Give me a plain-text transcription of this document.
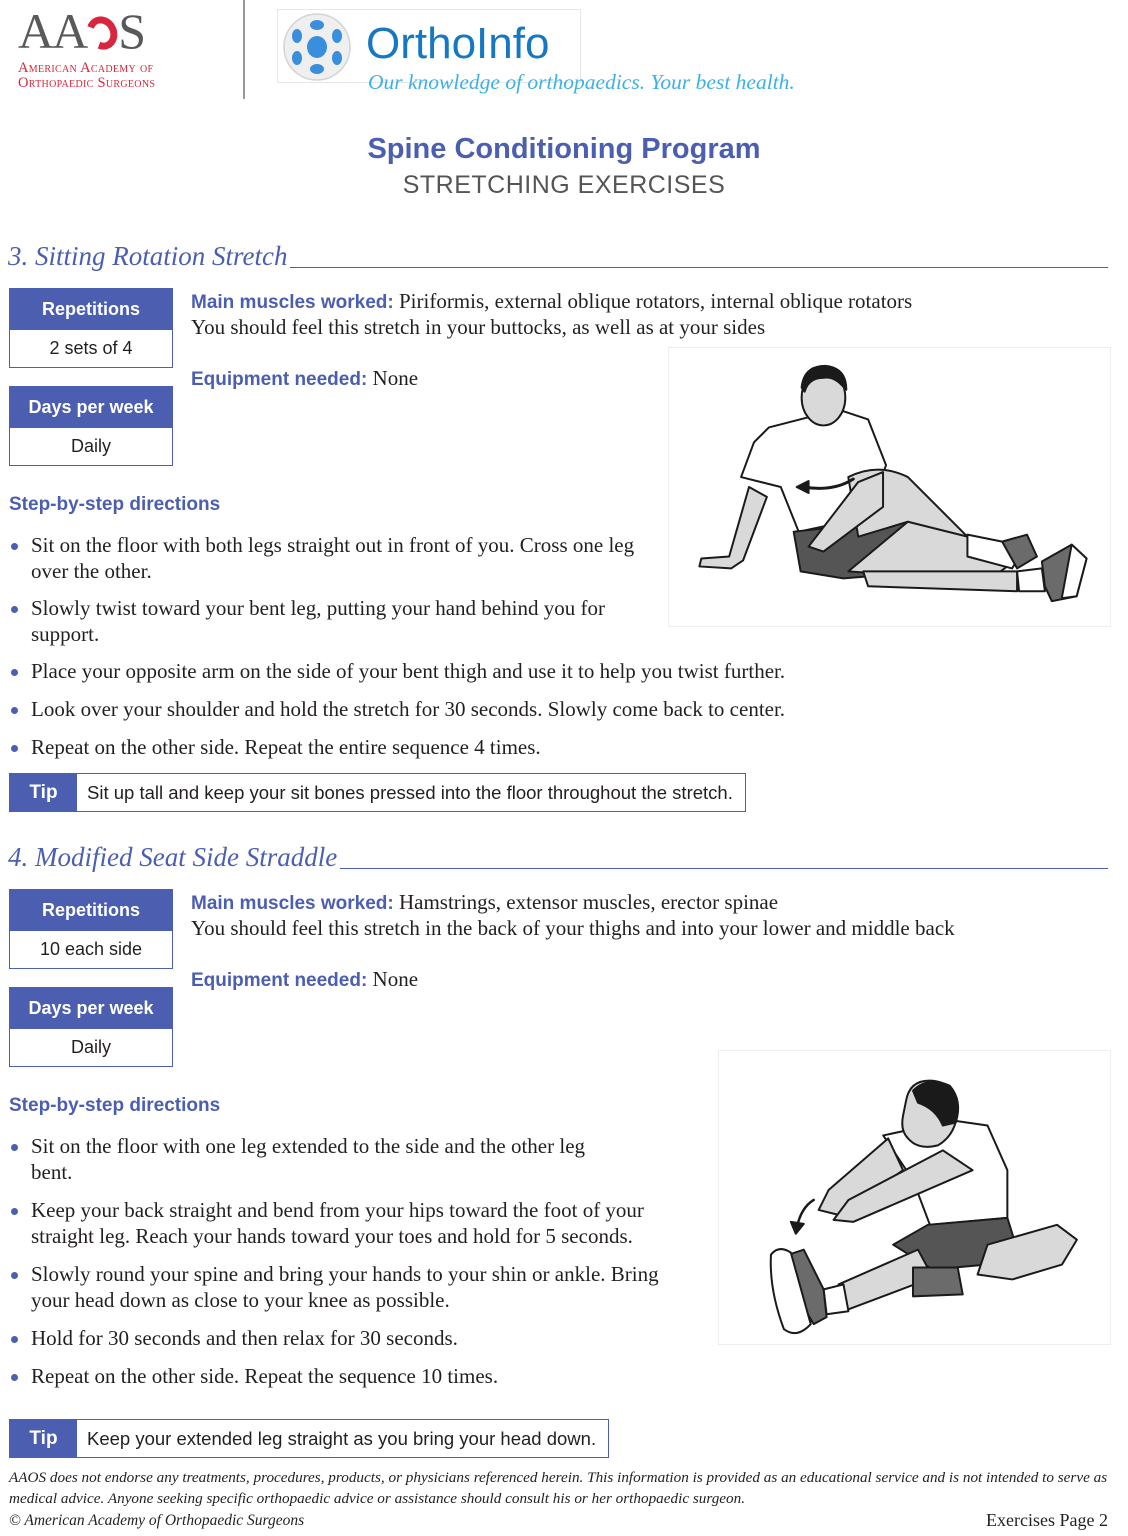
AA S
American Academy of
Orthopaedic Surgeons
OrthoInfo
Our knowledge of orthopaedics. Your best health.
Spine Conditioning Program
STRETCHING EXERCISES
3. Sitting Rotation Stretch
Repetitions
2 sets of 4
Days per week
Daily
Main muscles worked: Piriformis, external oblique rotators, internal oblique rotators
You should feel this stretch in your buttocks, as well as at your sides
Equipment needed: None
Step-by-step directions
Sit on the floor with both legs straight out in front of you. Cross one leg over the other.
Slowly twist toward your bent leg, putting your hand behind you for support.
Place your opposite arm on the side of your bent thigh and use it to help you twist further.
Look over your shoulder and hold the stretch for 30 seconds. Slowly come back to center.
Repeat on the other side. Repeat the entire sequence 4 times.
Tip	Sit up tall and keep your sit bones pressed into the floor throughout the stretch.
4. Modified Seat Side Straddle
Repetitions
10 each side
Days per week
Daily
Main muscles worked: Hamstrings, extensor muscles, erector spinae
You should feel this stretch in the back of your thighs and into your lower and middle back
Equipment needed: None
Step-by-step directions
Sit on the floor with one leg extended to the side and the other leg bent.
Keep your back straight and bend from your hips toward the foot of your straight leg. Reach your hands toward your toes and hold for 5 seconds.
Slowly round your spine and bring your hands to your shin or ankle. Bring your head down as close to your knee as possible.
Hold for 30 seconds and then relax for 30 seconds.
Repeat on the other side. Repeat the sequence 10 times.
Tip	Keep your extended leg straight as you bring your head down.
AAOS does not endorse any treatments, procedures, products, or physicians referenced herein. This information is provided as an educational service and is not intended to serve as medical advice. Anyone seeking specific orthopaedic advice or assistance should consult his or her orthopaedic surgeon.
© American Academy of Orthopaedic Surgeons	Exercises Page 2
